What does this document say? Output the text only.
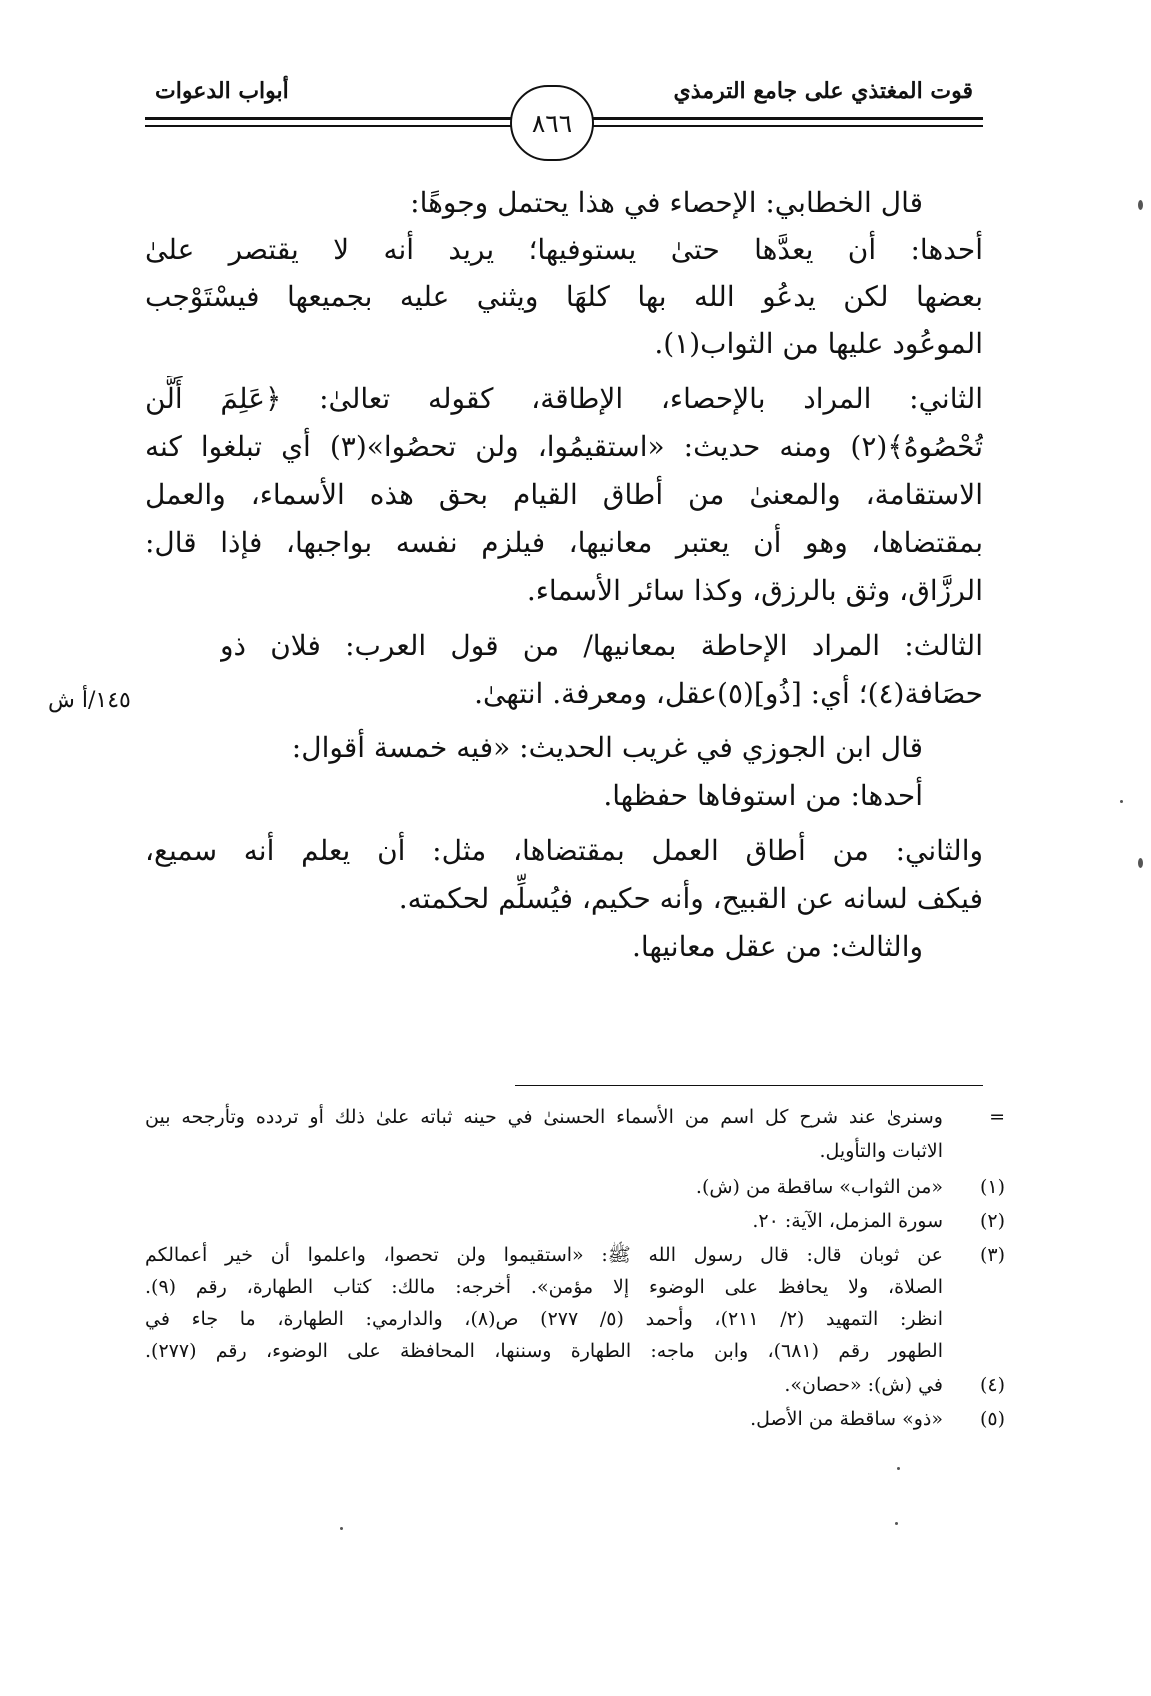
أبواب الدعوات	قوت المغتذي على جامع الترمذي
٨٦٦
قال الخطابي: الإحصاء في هذا يحتمل وجوهًا:
أحدها: أن يعدَّها حتىٰ يستوفيها؛ يريد أنه لا يقتصر علىٰ
بعضها لكن يدعُو الله بها كلهَا ويثني عليه بجميعها فيسْتَوْجب
الموعُود عليها من الثواب(١).
الثاني: المراد بالإحصاء، الإطاقة، كقوله تعالىٰ: ﴿عَلِمَ أَلَّن
تُحْصُوهُ﴾(٢) ومنه حديث: «استقيمُوا، ولن تحصُوا»(٣) أي تبلغوا كنه
الاستقامة، والمعنىٰ من أطاق القيام بحق هذه الأسماء، والعمل
بمقتضاها، وهو أن يعتبر معانيها، فيلزم نفسه بواجبها، فإذا قال:
الرزَّاق، وثق بالرزق، وكذا سائر الأسماء.
الثالث: المراد الإحاطة بمعانيها/ من قول العرب: فلان ذو
حصَافة(٤)؛ أي: [ذُو](٥)عقل، ومعرفة. انتهىٰ.
قال ابن الجوزي في غريب الحديث: «فيه خمسة أقوال:
أحدها: من استوفاها حفظها.
والثاني: من أطاق العمل بمقتضاها، مثل: أن يعلم أنه سميع،
فيكف لسانه عن القبيح، وأنه حكيم، فيُسلِّم لحكمته.
والثالث: من عقل معانيها.
١٤٥/أ ش
=
وسنرىٰ عند شرح كل اسم من الأسماء الحسنىٰ في حينه ثباته علىٰ ذلك أو تردده وتأرجحه بين
الاثبات والتأويل.
(١)
«من الثواب» ساقطة من (ش).
(٢)
سورة المزمل، الآية: ٢٠.
(٣)
عن ثوبان قال: قال رسول الله ﷺ: «استقيموا ولن تحصوا، واعلموا أن خير أعمالكم
الصلاة، ولا يحافظ على الوضوء إلا مؤمن». أخرجه: مالك: كتاب الطهارة، رقم (٩).
انظر: التمهيد (٢/ ٢١١)، وأحمد (٥/ ٢٧٧) ص(٨)، والدارمي: الطهارة، ما جاء في
الطهور رقم (٦٨١)، وابن ماجه: الطهارة وسننها، المحافظة على الوضوء، رقم (٢٧٧).
(٤)
في (ش): «حصان».
(٥)
«ذو» ساقطة من الأصل.
